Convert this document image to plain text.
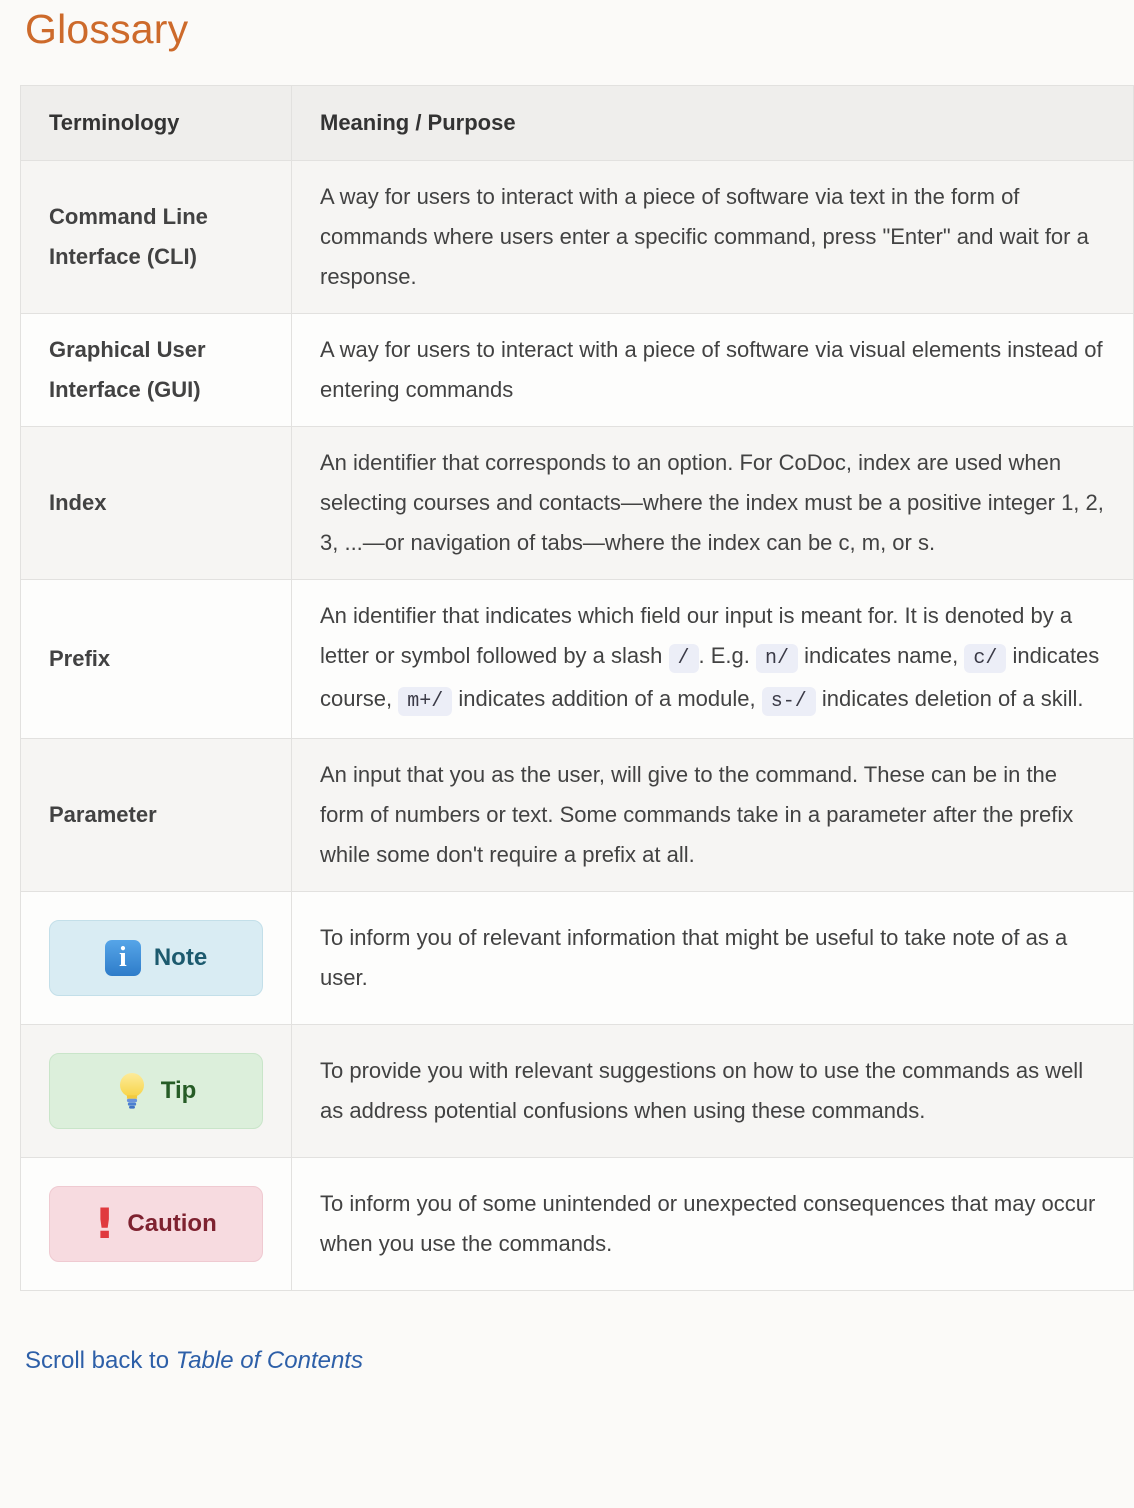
Glossary
Terminology	Meaning / Purpose
Command Line Interface (CLI)	A way for users to interact with a piece of software via text in the form of commands where users enter a specific command, press "Enter" and wait for a response.
Graphical User Interface (GUI)	A way for users to interact with a piece of software via visual elements instead of entering commands
Index	An identifier that corresponds to an option. For CoDoc, index are used when selecting courses and contacts—where the index must be a positive integer 1, 2, 3, ...—or navigation of tabs—where the index can be c, m, or s.
Prefix	An identifier that indicates which field our input is meant for. It is denoted by a letter or symbol followed by a slash / . E.g. n/ indicates name, c/ indicates course, m+/ indicates addition of a module, s-/ indicates deletion of a skill.
Parameter	An input that you as the user, will give to the command. These can be in the form of numbers or text. Some commands take in a parameter after the prefix while some don't require a prefix at all.

i Note	To inform you of relevant information that might be useful to take note of as a user.

Tip	To provide you with relevant suggestions on how to use the commands as well as address potential confusions when using these commands.

! Caution	To inform you of some unintended or unexpected consequences that may occur when you use the commands.
Scroll back to Table of Contents
